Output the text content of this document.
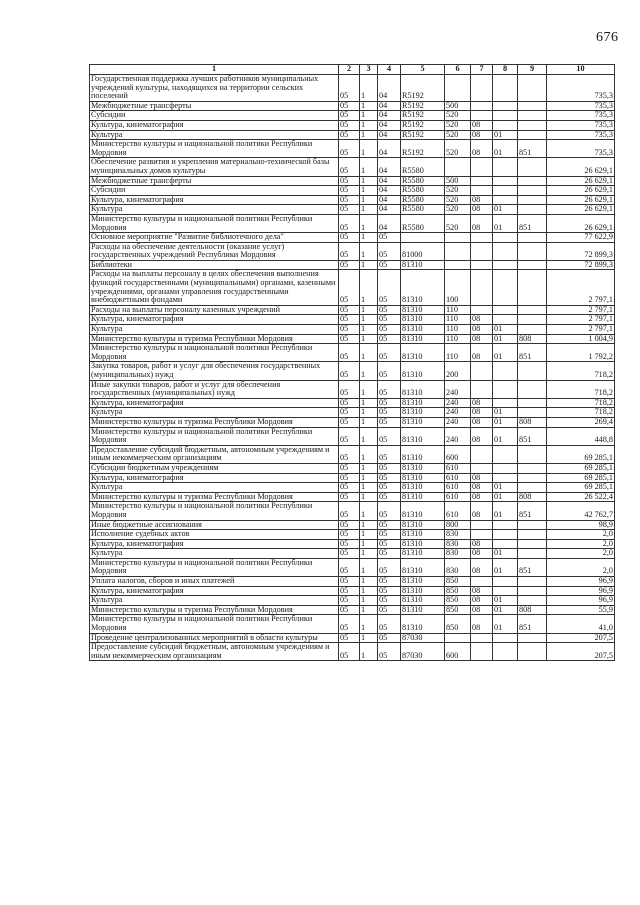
676
1	2	3	4	5	6	7	8	9	10
Государственная поддержка лучших работников муниципальных учреждений культуры, находящихся на территории сельских поселений	05	1	04	R5192					735,3
Межбюджетные трансферты	05	1	04	R5192	500				735,3
Субсидии	05	1	04	R5192	520				735,3
Культура, кинематография	05	1	04	R5192	520	08			735,3
Культура	05	1	04	R5192	520	08	01		735,3
Министерство культуры и национальной политики Республики Мордовия	05	1	04	R5192	520	08	01	851	735,3
Обеспечение развития и укрепления материально-технической базы муниципальных домов культуры	05	1	04	R5580					26 629,1
Межбюджетные трансферты	05	1	04	R5580	500				26 629,1
Субсидии	05	1	04	R5580	520				26 629,1
Культура, кинематография	05	1	04	R5580	520	08			26 629,1
Культура	05	1	04	R5580	520	08	01		26 629,1
Министерство культуры и национальной политики Республики Мордовия	05	1	04	R5580	520	08	01	851	26 629,1
Основное мероприятие "Развитие библиотечного дела"	05	1	05						77 622,9
Расходы на обеспечение деятельности (оказание услуг) государственных учреждений Республики Мордовия	05	1	05	81000					72 899,3
Библиотеки	05	1	05	81310					72 899,3
Расходы на выплаты персоналу в целях обеспечения выполнения функций государственными (муниципальными) органами, казенными учреждениями, органами управления государственными внебюджетными фондами	05	1	05	81310	100				2 797,1
Расходы на выплаты персоналу казенных учреждений	05	1	05	81310	110				2 797,1
Культура, кинематография	05	1	05	81310	110	08			2 797,1
Культура	05	1	05	81310	110	08	01		2 797,1
Министерство культуры и туризма Республики Мордовия	05	1	05	81310	110	08	01	808	1 004,9
Министерство культуры и национальной политики Республики Мордовия	05	1	05	81310	110	08	01	851	1 792,2
Закупка товаров, работ и услуг для обеспечения государственных (муниципальных) нужд	05	1	05	81310	200				718,2
Иные закупки товаров, работ и услуг для обеспечения государственных (муниципальных) нужд	05	1	05	81310	240				718,2
Культура, кинематография	05	1	05	81310	240	08			718,2
Культура	05	1	05	81310	240	08	01		718,2
Министерство культуры и туризма Республики Мордовия	05	1	05	81310	240	08	01	808	269,4
Министерство культуры и национальной политики Республики Мордовия	05	1	05	81310	240	08	01	851	448,8
Предоставление субсидий бюджетным, автономным учреждениям и иным некоммерческим организациям	05	1	05	81310	600				69 285,1
Субсидии бюджетным учреждениям	05	1	05	81310	610				69 285,1
Культура, кинематография	05	1	05	81310	610	08			69 285,1
Культура	05	1	05	81310	610	08	01		69 285,1
Министерство культуры и туризма Республики Мордовия	05	1	05	81310	610	08	01	808	26 522,4
Министерство культуры и национальной политики Республики Мордовия	05	1	05	81310	610	08	01	851	42 762,7
Иные бюджетные ассигнования	05	1	05	81310	800				98,9
Исполнение судебных актов	05	1	05	81310	830				2,0
Культура, кинематография	05	1	05	81310	830	08			2,0
Культура	05	1	05	81310	830	08	01		2,0
Министерство культуры и национальной политики Республики Мордовия	05	1	05	81310	830	08	01	851	2,0
Уплата налогов, сборов и иных платежей	05	1	05	81310	850				96,9
Культура, кинематография	05	1	05	81310	850	08			96,9
Культура	05	1	05	81310	850	08	01		96,9
Министерство культуры и туризма Республики Мордовия	05	1	05	81310	850	08	01	808	55,9
Министерство культуры и национальной политики Республики Мордовия	05	1	05	81310	850	08	01	851	41,0
Проведение централизованных мероприятий в области культуры	05	1	05	87030					207,5
Предоставление субсидий бюджетным, автономным учреждениям и иным некоммерческим организациям	05	1	05	87030	600				207,5
